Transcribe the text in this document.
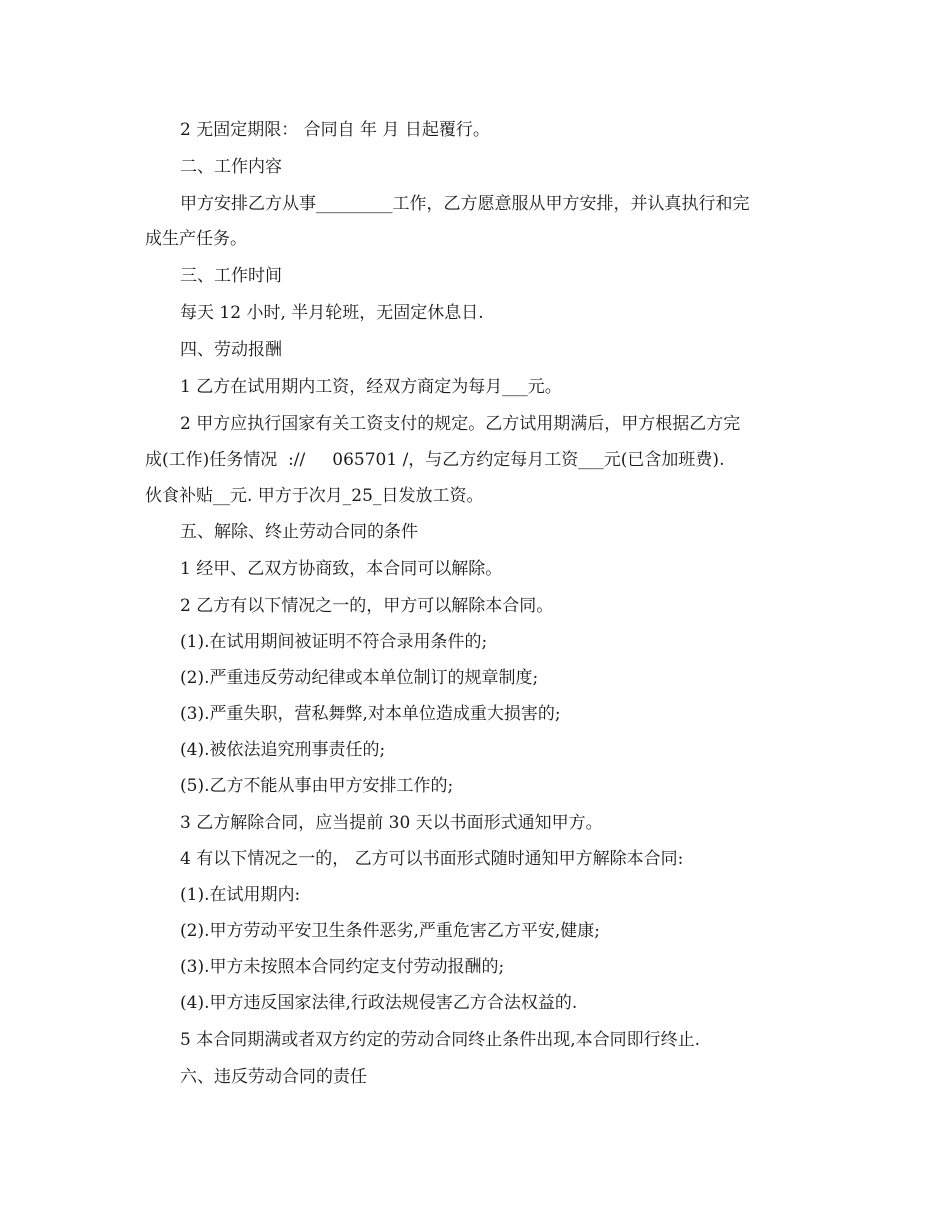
2 无固定期限： 合同自 年 月 日起覆行。
二、工作内容
甲方安排乙方从事_________工作，乙方愿意服从甲方安排，并认真执行和完
成生产任务。
三、工作时间
每天 12 小时, 半月轮班，无固定休息日.
四、劳动报酬
1 乙方在试用期内工资，经双方商定为每月___元。
2 甲方应执行国家有关工资支付的规定。乙方试用期满后，甲方根据乙方完
成(工作)任务情况  ://     065701 /，与乙方约定每月工资___元(已含加班费).
伙食补贴__元. 甲方于次月_25_日发放工资。
五、解除、终止劳动合同的条件
1 经甲、乙双方协商致，本合同可以解除。
2 乙方有以下情况之一的，甲方可以解除本合同。
(1).在试用期间被证明不符合录用条件的;
(2).严重违反劳动纪律或本单位制订的规章制度;
(3).严重失职，营私舞弊,对本单位造成重大损害的;
(4).被依法追究刑事责任的;
(5).乙方不能从事由甲方安排工作的;
3 乙方解除合同，应当提前 30 天以书面形式通知甲方。
4 有以下情况之一的， 乙方可以书面形式随时通知甲方解除本合同:
(1).在试用期内:
(2).甲方劳动平安卫生条件恶劣,严重危害乙方平安,健康;
(3).甲方未按照本合同约定支付劳动报酬的;
(4).甲方违反国家法律,行政法规侵害乙方合法权益的.
5 本合同期满或者双方约定的劳动合同终止条件出现,本合同即行终止.
六、违反劳动合同的责任
